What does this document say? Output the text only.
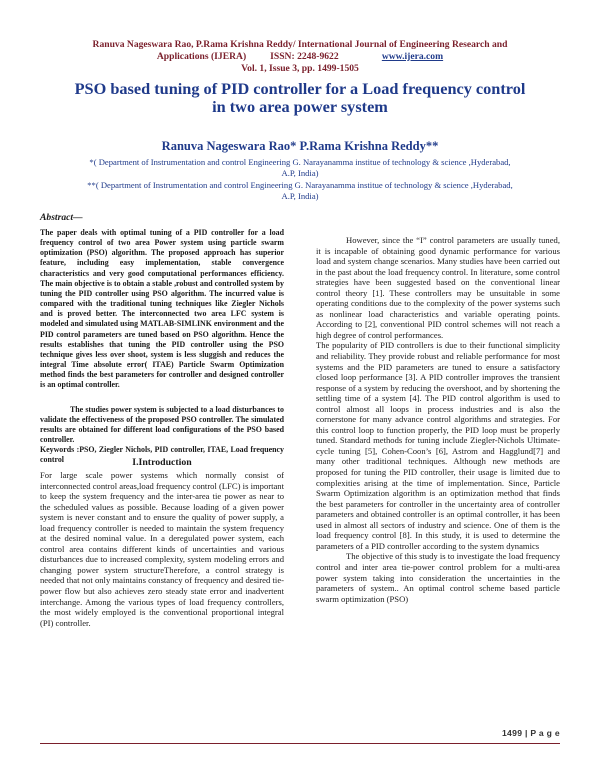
Ranuva Nageswara Rao, P.Rama Krishna Reddy/ International Journal of Engineering Research and
Applications (IJERA) ISSN: 2248-9622	www.ijera.com
Vol. 1, Issue 3, pp. 1499-1505
PSO based tuning of PID controller for a Load frequency control
in two area power system
Ranuva Nageswara Rao* P.Rama Krishna Reddy**
*( Department of Instrumentation and control Engineering G. Narayanamma institue of technology & science ,Hyderabad,
A.P, India)
**( Department of Instrumentation and control Engineering G. Narayanamma institue of technology & science ,Hyderabad,
A.P, India)
Abstract—

The paper deals with optimal tuning of a PID controller for a load frequency control of two area Power system using particle swarm optimization (PSO) algorithm. The proposed approach has superior feature, including easy implementation, stable convergence characteristics and very good computational performances efficiency. The main objective is to obtain a stable ,robust and controlled system by tuning the PID controller using PSO algorithm. The incurred value is compared with the traditional tuning techniques like Ziegler Nichols and is proved better. The interconnected two area LFC system is modeled and simulated using MATLAB-SIMLINK environment and the PID control parameters are tuned based on PSO algorithm. Hence the results establishes that tuning the PID controller using the PSO technique gives less over shoot, system is less sluggish and reduces the integral Time absolute error( ITAE) Particle Swarm Optimization method finds the best parameters for controller and designed controller is an optimal controller.

The studies power system is subjected to a load disturbances to validate the effectiveness of the proposed PSO controller. The simulated results are obtained for different load configurations of the PSO based controller.

Keywords :PSO, Ziegler Nichols, PID controller, ITAE, Load frequency control	I.Introduction

For large scale power systems which normally consist of interconnected control areas,load frequency control (LFC) is important to keep the system frequency and the inter-area tie power as near to the scheduled values as possible. Because loading of a given power system is never constant and to ensure the quality of power supply, a load frequency controller is needed to maintain the system frequency at the desired nominal value. In a deregulated power system, each control area contains different kinds of uncertainties and various disturbances due to increased complexity, system modeling errors and changing power system structureTherefore, a control strategy is needed that not only maintains constancy of frequency and desired tie-power flow but also achieves zero steady state error and inadvertent interchange. Among the various types of load frequency controllers, the most widely employed is the conventional proportional integral (PI) controller.

However, since the “I” control parameters are usually tuned, it is incapable of obtaining good dynamic performance for various load and system change scenarios. Many studies have been carried out in the past about the load frequency control. In literature, some control strategies have been suggested based on the conventional linear control theory [1]. These controllers may be unsuitable in some operating conditions due to the complexity of the power systems such as nonlinear load characteristics and variable operating points. According to [2], conventional PID control schemes will not reach a high degree of control performances.

The popularity of PID controllers is due to their functional simplicity and reliability. They provide robust and reliable performance for most systems and the PID parameters are tuned to ensure a satisfactory closed loop performance [3]. A PID controller improves the transient response of a system by reducing the overshoot, and by shortening the settling time of a system [4]. The PID control algorithm is used to control almost all loops in process industries and is also the cornerstone for many advance control algorithms and strategies. For this control loop to function properly, the PID loop must be properly tuned. Standard methods for tuning include Ziegler-Nichols Ultimate-cycle tuning [5], Cohen-Coon’s [6], Astrom and Hagglund[7] and many other traditional techniques. Although new methods are proposed for tuning the PID controller, their usage is limited due to complexities arising at the time of implementation. Since, Particle Swarm Optimization algorithm is an optimization method that finds the best parameters for controller in the uncertainty area of controller parameters and obtained controller is an optimal controller, it has been used in almost all sectors of industry and science. One of them is the load frequency control [8]. In this study, it is used to determine the parameters of a PID controller according to the system dynamics

The objective of this study is to investigate the load frequency control and inter area tie-power control problem for a multi-area power system taking into consideration the uncertainties in the parameters of system.. An optimal control scheme based particle swarm optimization (PSO)

1499 | P a g e
